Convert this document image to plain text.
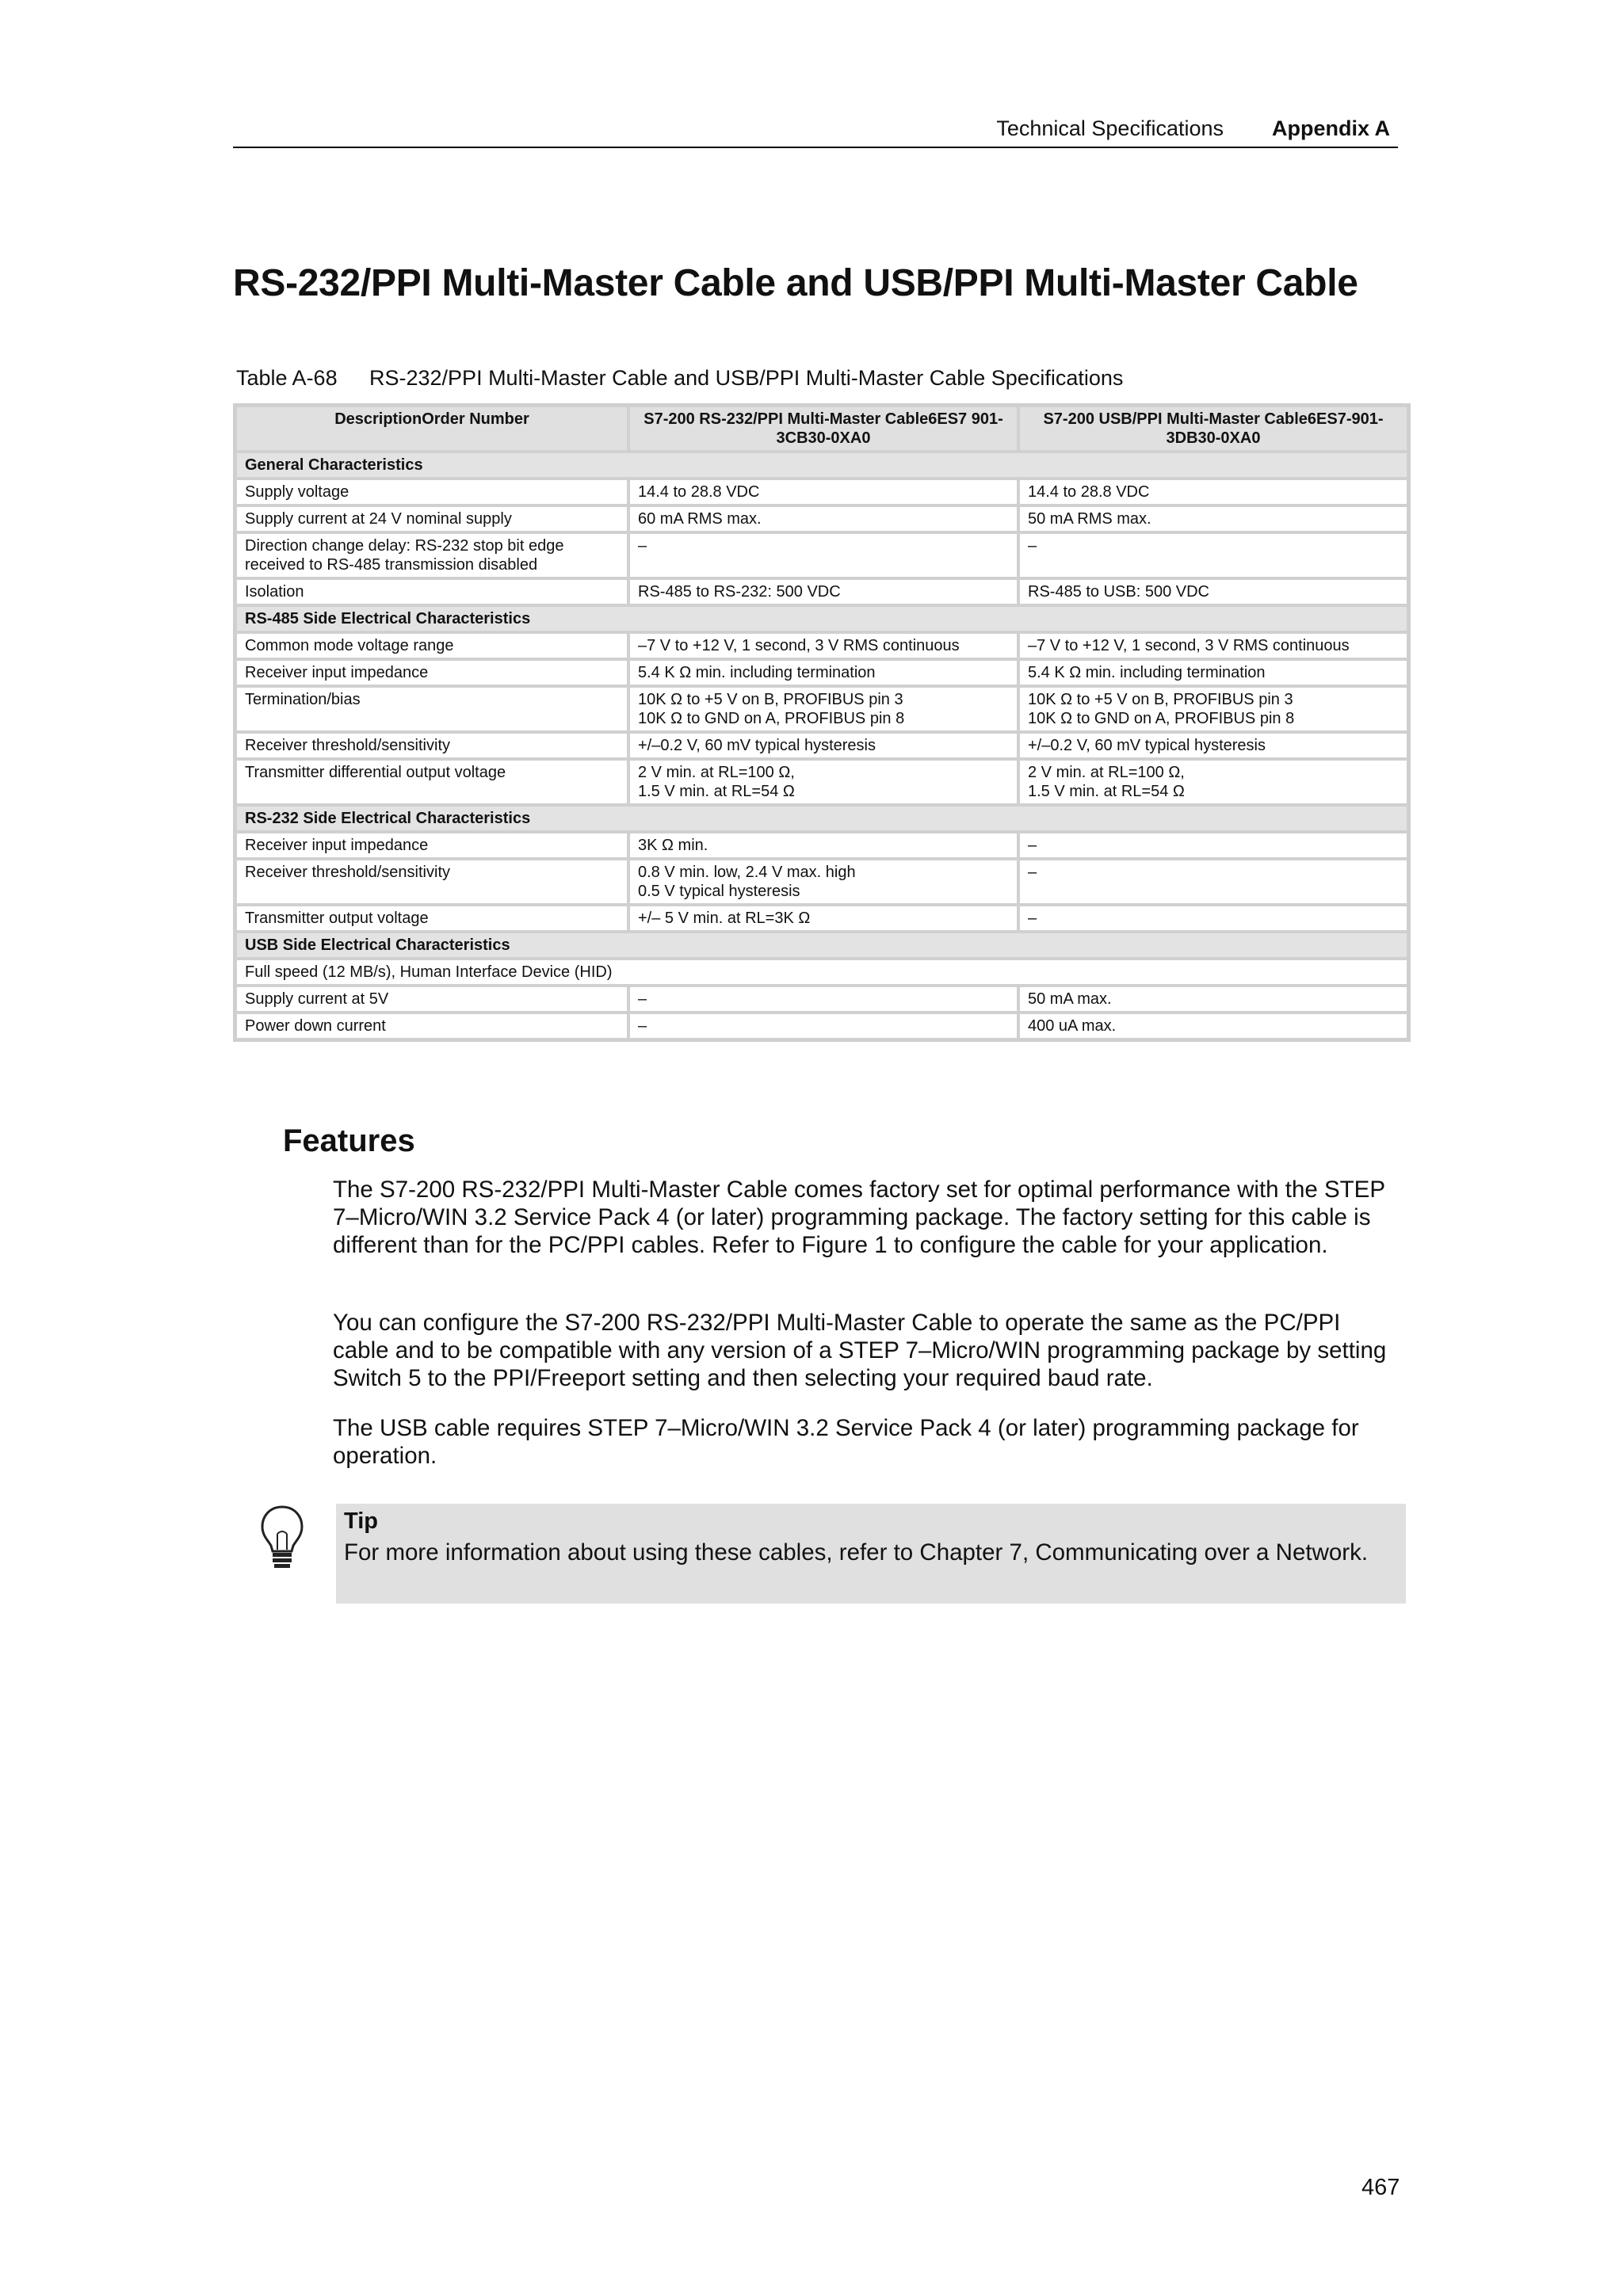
Technical Specifications Appendix A
RS-232/PPI Multi-Master Cable and USB/PPI Multi-Master Cable
Table A-68 RS-232/PPI Multi-Master Cable and USB/PPI Multi-Master Cable Specifications
DescriptionOrder Number	S7-200 RS-232/PPI Multi-Master Cable6ES7 901-3CB30-0XA0	S7-200 USB/PPI Multi-Master Cable6ES7-901-3DB30-0XA0
General Characteristics		

Supply voltage	14.4 to 28.8 VDC	14.4 to 28.8 VDC

Supply current at 24 V nominal supply	60 mA RMS max.	50 mA RMS max.

Direction change delay: RS-232 stop bit edge
received to RS-485 transmission disabled	–	–

Isolation	RS-485 to RS-232: 500 VDC	RS-485 to USB: 500 VDC

RS-485 Side Electrical Characteristics		

Common mode voltage range	–7 V to +12 V, 1 second, 3 V RMS continuous	–7 V to +12 V, 1 second, 3 V RMS continuous

Receiver input impedance	5.4 K Ω min. including termination	5.4 K Ω min. including termination

Termination/bias	10K Ω to +5 V on B, PROFIBUS pin 3
10K Ω to GND on A, PROFIBUS pin 8	10K Ω to +5 V on B, PROFIBUS pin 3
10K Ω to GND on A, PROFIBUS pin 8

Receiver threshold/sensitivity	+/–0.2 V, 60 mV typical hysteresis	+/–0.2 V, 60 mV typical hysteresis

Transmitter differential output voltage	2 V min. at RL=100 Ω,
1.5 V min. at RL=54 Ω	2 V min. at RL=100 Ω,
1.5 V min. at RL=54 Ω

RS-232 Side Electrical Characteristics		

Receiver input impedance	3K Ω min.	–

Receiver threshold/sensitivity	0.8 V min. low, 2.4 V max. high
0.5 V typical hysteresis	–

Transmitter output voltage	+/– 5 V min. at RL=3K Ω	–

USB Side Electrical Characteristics		
Full speed (12 MB/s), Human Interface Device (HID)		

Supply current at 5V	–	50 mA max.

Power down current	–	400 uA max.
Features

The S7-200 RS-232/PPI Multi-Master Cable comes factory set for optimal performance with the STEP 7–Micro/WIN 3.2 Service Pack 4 (or later) programming package. The factory setting for this cable is different than for the PC/PPI cables. Refer to Figure 1 to configure the cable for your application.

You can configure the S7-200 RS-232/PPI Multi-Master Cable to operate the same as the PC/PPI cable and to be compatible with any version of a STEP 7–Micro/WIN programming package by setting Switch 5 to the PPI/Freeport setting and then selecting your required baud rate.

The USB cable requires STEP 7–Micro/WIN 3.2 Service Pack 4 (or later) programming package for operation.

Tip
For more information about using these cables, refer to Chapter 7, Communicating over a Network.
467
